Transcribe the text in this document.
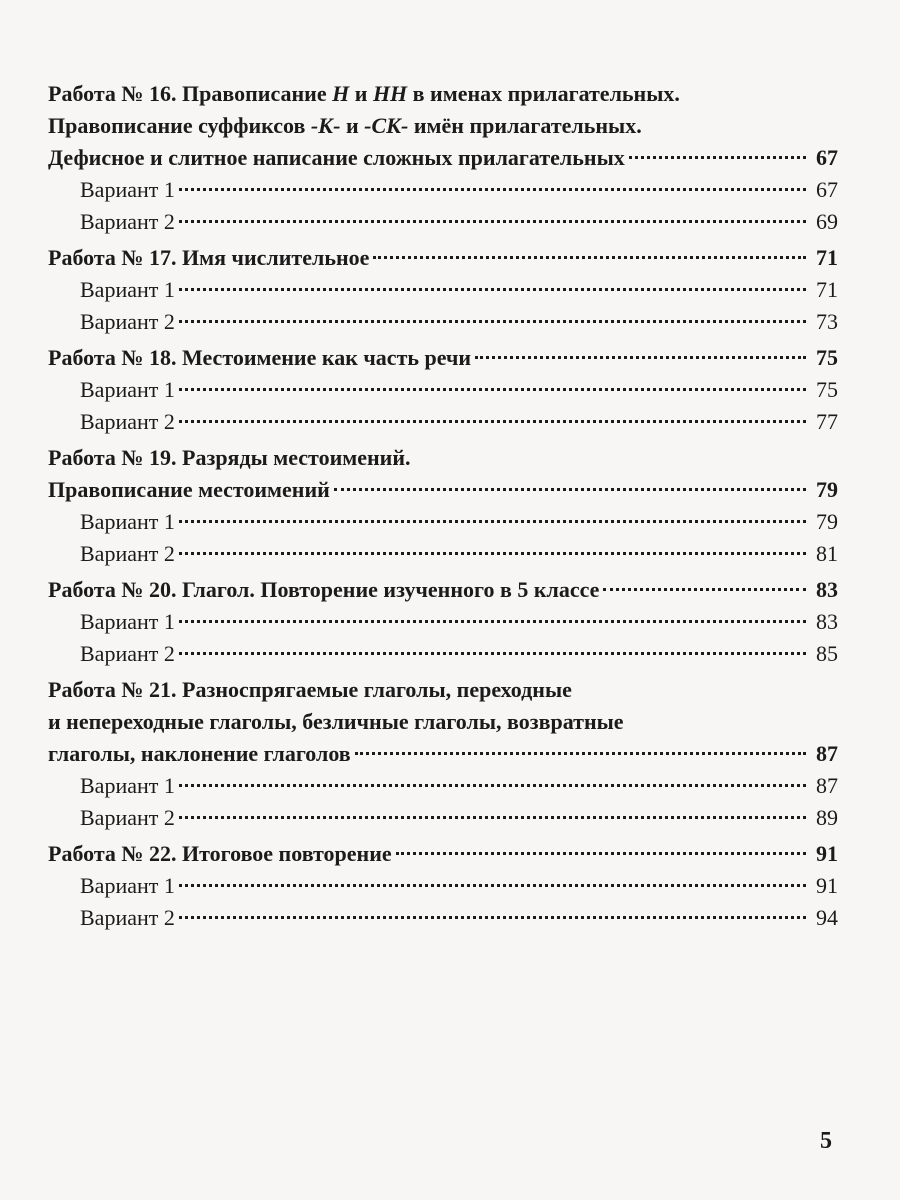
Работа № 16. Правописание Н и НН в именах прилагательных.
Правописание суффиксов -К- и -СК- имён прилагательных.
Дефисное и слитное написание сложных прилагательных	67
Вариант 1	67
Вариант 2	69
Работа № 17. Имя числительное	71
Вариант 1	71
Вариант 2	73
Работа № 18. Местоимение как часть речи	75
Вариант 1	75
Вариант 2	77
Работа № 19. Разряды местоимений.
Правописание местоимений	79
Вариант 1	79
Вариант 2	81
Работа № 20. Глагол. Повторение изученного в 5 классе	83
Вариант 1	83
Вариант 2	85
Работа № 21. Разноспрягаемые глаголы, переходные
и непереходные глаголы, безличные глаголы, возвратные
глаголы, наклонение глаголов	87
Вариант 1	87
Вариант 2	89
Работа № 22. Итоговое повторение	91
Вариант 1	91
Вариант 2	94
5
